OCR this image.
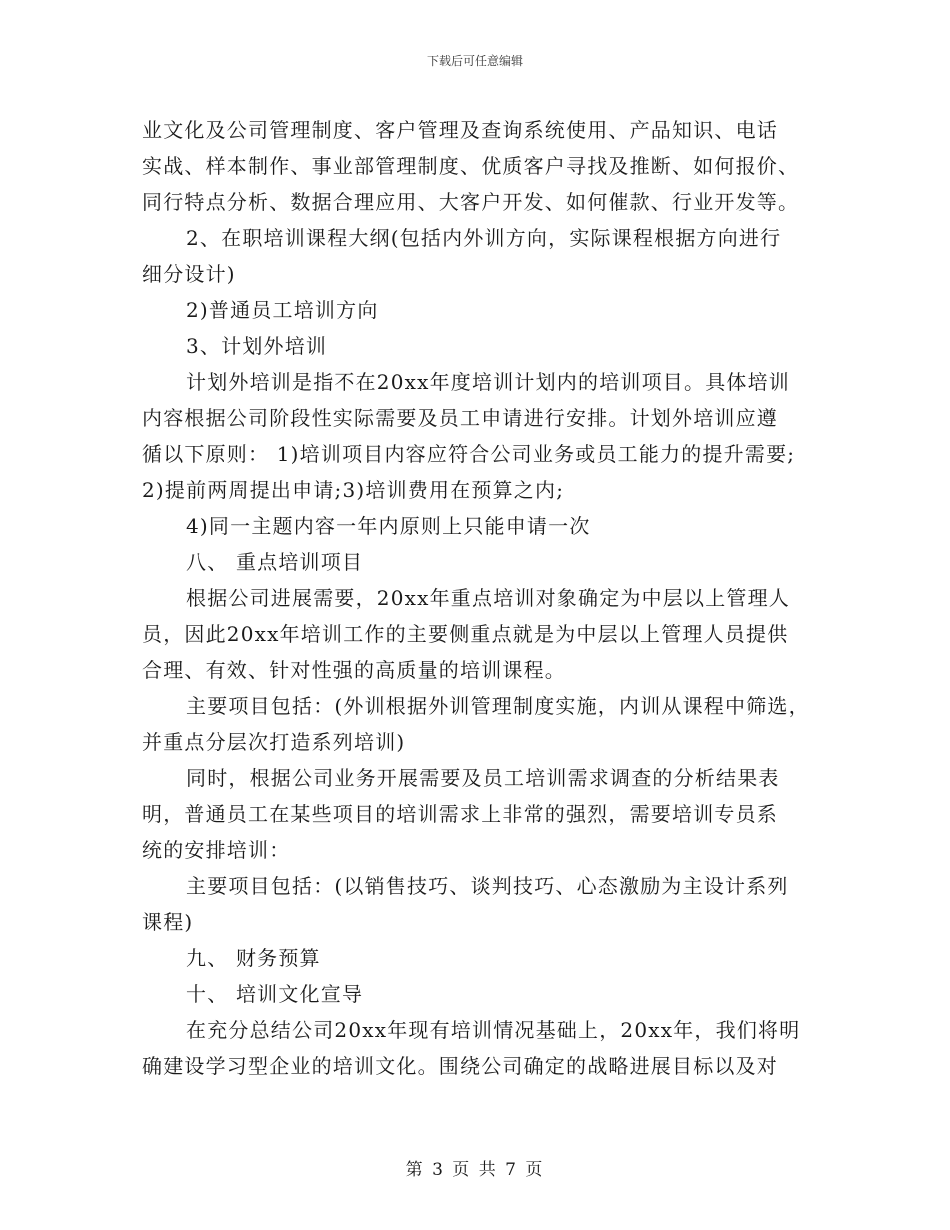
下载后可任意编辑
业文化及公司管理制度、客户管理及查询系统使用、产品知识、电话
实战、样本制作、事业部管理制度、优质客户寻找及推断、如何报价、
同行特点分析、数据合理应用、大客户开发、如何催款、行业开发等。
2、在职培训课程大纲(包括内外训方向，实际课程根据方向进行
细分设计)
2)普通员工培训方向
3、计划外培训
计划外培训是指不在20xx年度培训计划内的培训项目。具体培训
内容根据公司阶段性实际需要及员工申请进行安排。计划外培训应遵
循以下原则： 1)培训项目内容应符合公司业务或员工能力的提升需要;
2)提前两周提出申请;3)培训费用在预算之内;
4)同一主题内容一年内原则上只能申请一次
八、 重点培训项目
根据公司进展需要，20xx年重点培训对象确定为中层以上管理人
员，因此20xx年培训工作的主要侧重点就是为中层以上管理人员提供
合理、有效、针对性强的高质量的培训课程。
主要项目包括：(外训根据外训管理制度实施，内训从课程中筛选，
并重点分层次打造系列培训)
同时，根据公司业务开展需要及员工培训需求调查的分析结果表
明，普通员工在某些项目的培训需求上非常的强烈，需要培训专员系
统的安排培训：
主要项目包括：(以销售技巧、谈判技巧、心态激励为主设计系列
课程)
九、 财务预算
十、 培训文化宣导
在充分总结公司20xx年现有培训情况基础上，20xx年，我们将明
确建设学习型企业的培训文化。围绕公司确定的战略进展目标以及对
第 3 页 共 7 页
